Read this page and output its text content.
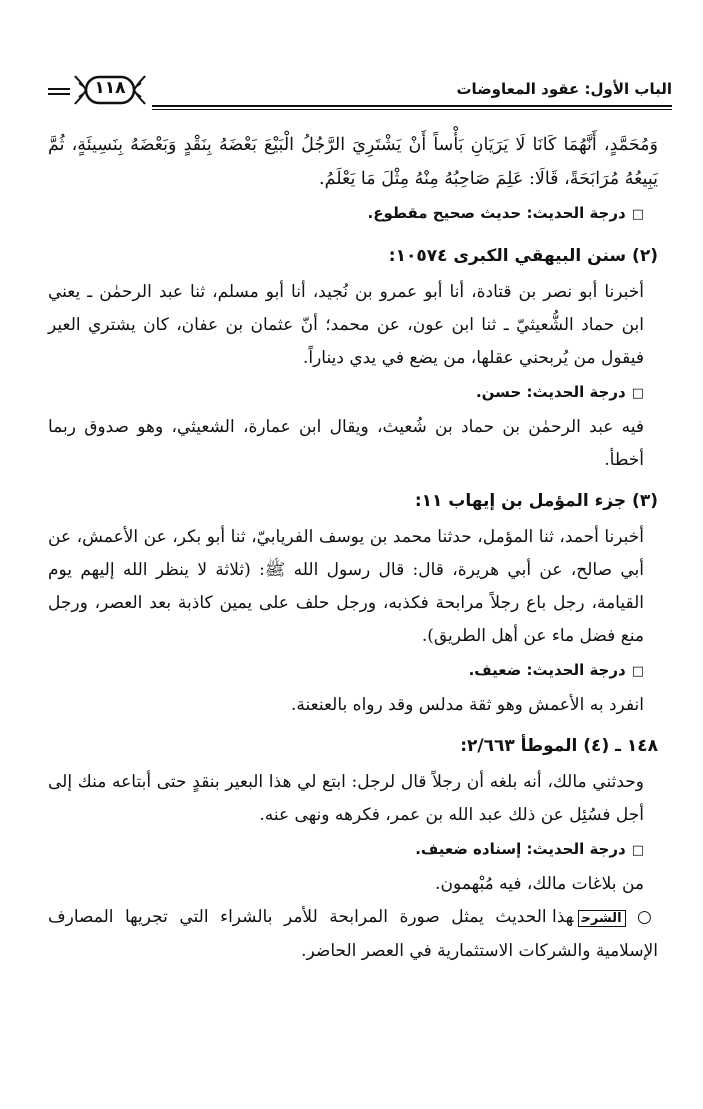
الباب الأول: عقود المعاوضات
١١٨

وَمُحَمَّدٍ، أَنَّهُمَا كَانَا لَا يَرَيَانِ بَأْساً أَنْ يَشْتَرِيَ الرَّجُلُ الْبَيْعَ بَعْضَهُ بِنَقْدٍ وَبَعْضَهُ بِنَسِيئَةٍ، ثُمَّ يَبِيعُهُ مُرَابَحَةً، قَالَا: عَلِمَ صَاحِبُهُ مِنْهُ مِثْلَ مَا يَعْلَمُ.

□درجة الحديث: حديث صحيح مقطوع.

(٢) سنن البيهقي الكبرى ١٠٥٧٤:

أخبرنا أبو نصر بن قتادة، أنا أبو عمرو بن نُجيد، أنا أبو مسلم، ثنا عبد الرحمٰن ـ يعني ابن حماد الشُّعيثيّ ـ ثنا ابن عون، عن محمد؛ أنّ عثمان بن عفان، كان يشتري العير فيقول من يُربحني عقلها، من يضع في يدي ديناراً.

□درجة الحديث: حسن.

فيه عبد الرحمٰن بن حماد بن شُعيث، ويقال ابن عمارة، الشعيثي، وهو صدوق ربما أخطأ.

(٣) جزء المؤمل بن إيهاب ١١:

أخبرنا أحمد، ثنا المؤمل، حدثنا محمد بن يوسف الفريابيّ، ثنا أبو بكر، عن الأعمش، عن أبي صالح، عن أبي هريرة، قال: قال رسول الله ﷺ: (ثلاثة لا ينظر الله إليهم يوم القيامة، رجل باع رجلاً مرابحة فكذبه، ورجل حلف على يمين كاذبة بعد العصر، ورجل منع فضل ماء عن أهل الطريق).

□درجة الحديث: ضعيف.

انفرد به الأعمش وهو ثقة مدلس وقد رواه بالعنعنة.

١٤٨ ـ (٤) الموطأ ٢/٦٦٣:

وحدثني مالك، أنه بلغه أن رجلاً قال لرجل: ابتع لي هذا البعير بنقدٍ حتى أبتاعه منك إلى أجل فسُئِل عن ذلك عبد الله بن عمر، فكرهه ونهى عنه.

□درجة الحديث: إسناده ضعيف.

من بلاغات مالك، فيه مُبْهمون.

○ الشرحهذا الحديث يمثل صورة المرابحة للأمر بالشراء التي تجريها المصارف الإسلامية والشركات الاستثمارية في العصر الحاضر.
